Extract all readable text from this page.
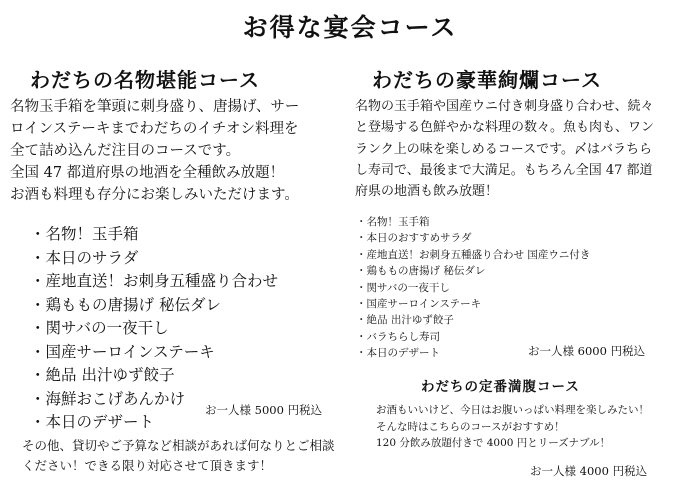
お得な宴会コース
わだちの名物堪能コース
名物玉手箱を筆頭に刺身盛り、唐揚げ、サー
ロインステーキまでわだちのイチオシ料理を
全て詰め込んだ注目のコースです。
全国 47 都道府県の地酒を全種飲み放題！
お酒も料理も存分にお楽しみいただけます。
・ 名物！玉手箱
・ 本日のサラダ
・ 産地直送！お刺身五種盛り合わせ
・ 鶏ももの唐揚げ 秘伝ダレ
・ 関サバの一夜干し
・ 国産サーロインステーキ
・ 絶品 出汁ゆず餃子
・ 海鮮おこげあんかけ
・ 本日のデザート
お一人様 5000 円税込
その他、貸切やご予算など相談があれば何なりとご相談
ください！できる限り対応させて頂きます！
わだちの豪華絢爛コース
名物の玉手箱や国産ウニ付き刺身盛り合わせ、続々
と登場する色鮮やかな料理の数々。魚も肉も、ワン
ランク上の味を楽しめるコースです。〆はバラちら
し寿司で、最後まで大満足。もちろん全国 47 都道
府県の地酒も飲み放題！
・ 名物！玉手箱
・ 本日のおすすめサラダ
・ 産地直送！お刺身五種盛り合わせ 国産ウニ付き
・ 鶏ももの唐揚げ 秘伝ダレ
・ 関サバの一夜干し
・ 国産サーロインステーキ
・ 絶品 出汁ゆず餃子
・ バラちらし寿司
・ 本日のデザート	お一人様 6000 円税込
わだちの定番満腹コース
お酒もいいけど、今日はお腹いっぱい料理を楽しみたい！
そんな時はこちらのコースがおすすめ！
120 分飲み放題付きで 4000 円とリーズナブル！
お一人様 4000 円税込
